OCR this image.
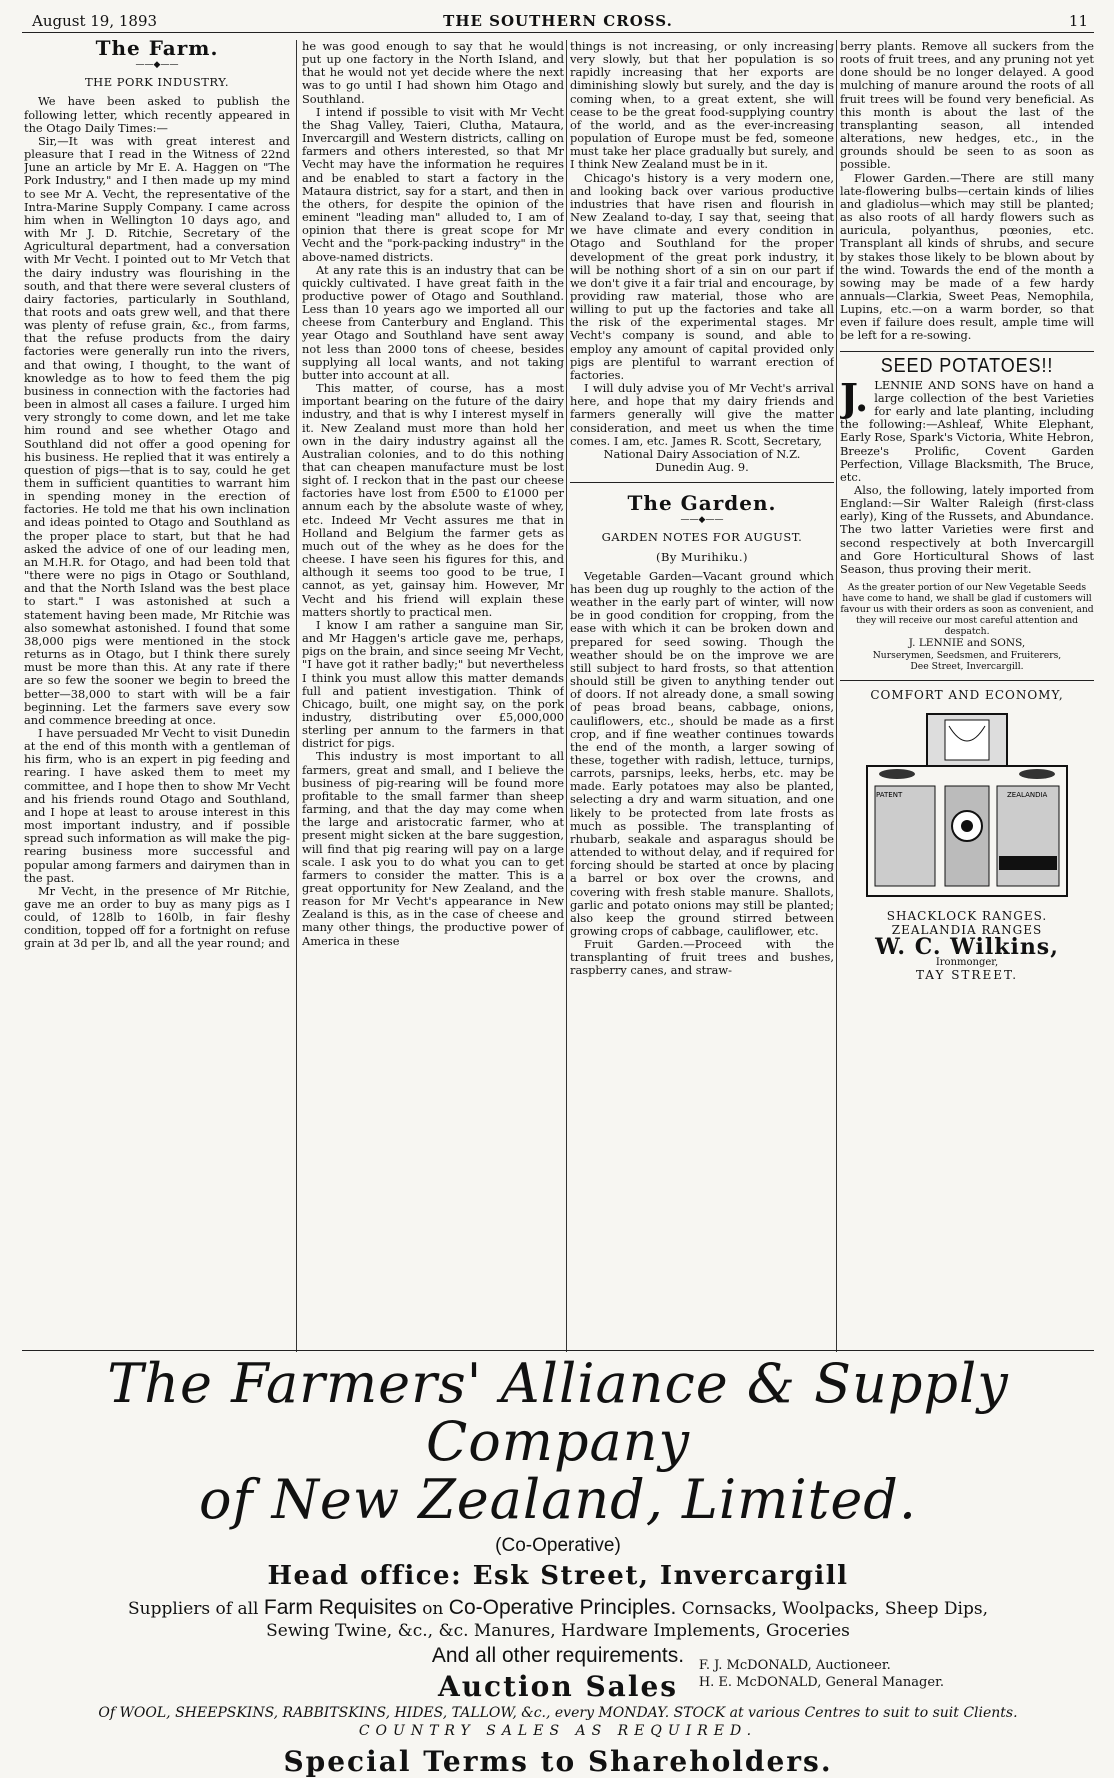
August 19, 1893	THE SOUTHERN CROSS.	11
The Farm.
——◆——
THE PORK INDUSTRY.

We have been asked to publish the following letter, which recently appeared in the Otago Daily Times:—

Sir,—It was with great interest and pleasure that I read in the Witness of 22nd June an article by Mr E. A. Haggen on "The Pork Industry," and I then made up my mind to see Mr A. Vecht, the representative of the Intra-Marine Supply Company. I came across him when in Wellington 10 days ago, and with Mr J. D. Ritchie, Secretary of the Agricultural department, had a conversation with Mr Vecht. I pointed out to Mr Vetch that the dairy industry was flourishing in the south, and that there were several clusters of dairy factories, particularly in Southland, that roots and oats grew well, and that there was plenty of refuse grain, &c., from farms, that the refuse products from the dairy factories were generally run into the rivers, and that owing, I thought, to the want of knowledge as to how to feed them the pig business in connection with the factories had been in almost all cases a failure. I urged him very strongly to come down, and let me take him round and see whether Otago and Southland did not offer a good opening for his business. He replied that it was entirely a question of pigs—that is to say, could he get them in sufficient quantities to warrant him in spending money in the erection of factories. He told me that his own inclination and ideas pointed to Otago and Southland as the proper place to start, but that he had asked the advice of one of our leading men, an M.H.R. for Otago, and had been told that "there were no pigs in Otago or Southland, and that the North Island was the best place to start." I was astonished at such a statement having been made, Mr Ritchie was also somewhat astonished. I found that some 38,000 pigs were mentioned in the stock returns as in Otago, but I think there surely must be more than this. At any rate if there are so few the sooner we begin to breed the better—38,000 to start with will be a fair beginning. Let the farmers save every sow and commence breeding at once.

I have persuaded Mr Vecht to visit Dunedin at the end of this month with a gentleman of his firm, who is an expert in pig feeding and rearing. I have asked them to meet my committee, and I hope then to show Mr Vecht and his friends round Otago and Southland, and I hope at least to arouse interest in this most important industry, and if possible spread such information as will make the pig-rearing business more successful and popular among farmers and dairymen than in the past.

Mr Vecht, in the presence of Mr Ritchie, gave me an order to buy as many pigs as I could, of 128lb to 160lb, in fair fleshy condition, topped off for a fortnight on refuse grain at 3d per lb, and all the year round; and

he was good enough to say that he would put up one factory in the North Island, and that he would not yet decide where the next was to go until I had shown him Otago and Southland.

I intend if possible to visit with Mr Vecht the Shag Valley, Taieri, Clutha, Mataura, Invercargill and Western districts, calling on farmers and others interested, so that Mr Vecht may have the information he requires and be enabled to start a factory in the Mataura district, say for a start, and then in the others, for despite the opinion of the eminent "leading man" alluded to, I am of opinion that there is great scope for Mr Vecht and the "pork-packing industry" in the above-named districts.

At any rate this is an industry that can be quickly cultivated. I have great faith in the productive power of Otago and Southland. Less than 10 years ago we imported all our cheese from Canterbury and England. This year Otago and Southland have sent away not less than 2000 tons of cheese, besides supplying all local wants, and not taking butter into account at all.

This matter, of course, has a most important bearing on the future of the dairy industry, and that is why I interest myself in it. New Zealand must more than hold her own in the dairy industry against all the Australian colonies, and to do this nothing that can cheapen manufacture must be lost sight of. I reckon that in the past our cheese factories have lost from £500 to £1000 per annum each by the absolute waste of whey, etc. Indeed Mr Vecht assures me that in Holland and Belgium the farmer gets as much out of the whey as he does for the cheese. I have seen his figures for this, and although it seems too good to be true, I cannot, as yet, gainsay him. However, Mr Vecht and his friend will explain these matters shortly to practical men.

I know I am rather a sanguine man Sir, and Mr Haggen's article gave me, perhaps, pigs on the brain, and since seeing Mr Vecht, "I have got it rather badly;" but nevertheless I think you must allow this matter demands full and patient investigation. Think of Chicago, built, one might say, on the pork industry, distributing over £5,000,000 sterling per annum to the farmers in that district for pigs.

This industry is most important to all farmers, great and small, and I believe the business of pig-rearing will be found more profitable to the small farmer than sheep farming, and that the day may come when the large and aristocratic farmer, who at present might sicken at the bare suggestion, will find that pig rearing will pay on a large scale. I ask you to do what you can to get farmers to consider the matter. This is a great opportunity for New Zealand, and the reason for Mr Vecht's appearance in New Zealand is this, as in the case of cheese and many other things, the productive power of America in these

things is not increasing, or only increasing very slowly, but that her population is so rapidly increasing that her exports are diminishing slowly but surely, and the day is coming when, to a great extent, she will cease to be the great food-supplying country of the world, and as the ever-increasing population of Europe must be fed, someone must take her place gradually but surely, and I think New Zealand must be in it.

Chicago's history is a very modern one, and looking back over various productive industries that have risen and flourish in New Zealand to-day, I say that, seeing that we have climate and every condition in Otago and Southland for the proper development of the great pork industry, it will be nothing short of a sin on our part if we don't give it a fair trial and encourage, by providing raw material, those who are willing to put up the factories and take all the risk of the experimental stages. Mr Vecht's company is sound, and able to employ any amount of capital provided only pigs are plentiful to warrant erection of factories.

I will duly advise you of Mr Vecht's arrival here, and hope that my dairy friends and farmers generally will give the matter consideration, and meet us when the time comes. I am, etc. James R. Scott, Secretary,

National Dairy Association of N.Z.

Dunedin Aug. 9.

The Garden.
——◆——
GARDEN NOTES FOR AUGUST.
(By Murihiku.)

Vegetable Garden—Vacant ground which has been dug up roughly to the action of the weather in the early part of winter, will now be in good condition for cropping, from the ease with which it can be broken down and prepared for seed sowing. Though the weather should be on the improve we are still subject to hard frosts, so that attention should still be given to anything tender out of doors. If not already done, a small sowing of peas broad beans, cabbage, onions, cauliflowers, etc., should be made as a first crop, and if fine weather continues towards the end of the month, a larger sowing of these, together with radish, lettuce, turnips, carrots, parsnips, leeks, herbs, etc. may be made. Early potatoes may also be planted, selecting a dry and warm situation, and one likely to be protected from late frosts as much as possible. The transplanting of rhubarb, seakale and asparagus should be attended to without delay, and if required for forcing should be started at once by placing a barrel or box over the crowns, and covering with fresh stable manure. Shallots, garlic and potato onions may still be planted; also keep the ground stirred between growing crops of cabbage, cauliflower, etc.

Fruit Garden.—Proceed with the transplanting of fruit trees and bushes, raspberry canes, and straw-

berry plants. Remove all suckers from the roots of fruit trees, and any pruning not yet done should be no longer delayed. A good mulching of manure around the roots of all fruit trees will be found very beneficial. As this month is about the last of the transplanting season, all intended alterations, new hedges, etc., in the grounds should be seen to as soon as possible.

Flower Garden.—There are still many late-flowering bulbs—certain kinds of lilies and gladiolus—which may still be planted; as also roots of all hardy flowers such as auricula, polyanthus, pœonies, etc. Transplant all kinds of shrubs, and secure by stakes those likely to be blown about by the wind. Towards the end of the month a sowing may be made of a few hardy annuals—Clarkia, Sweet Peas, Nemophila, Lupins, etc.—on a warm border, so that even if failure does result, ample time will be left for a re-sowing.

SEED POTATOES!!
J. LENNIE AND SONS have on hand a large collection of the best Varieties for early and late planting, including the following:—Ashleaf, White Elephant, Early Rose, Spark's Victoria, White Hebron, Breeze's Prolific, Covent Garden Perfection, Village Blacksmith, The Bruce, etc.

Also, the following, lately imported from England:—Sir Walter Raleigh (first-class early), King of the Russets, and Abundance. The two latter Varieties were first and second respectively at both Invercargill and Gore Horticultural Shows of last Season, thus proving their merit.

As the greater portion of our New Vegetable Seeds have come to hand, we shall be glad if customers will favour us with their orders as soon as convenient, and they will receive our most careful attention and despatch.

J. LENNIE and SONS,

Nurserymen, Seedsmen, and Fruiterers,

Dee Street, Invercargill.

COMFORT AND ECONOMY,
PATENT	ZEALANDIA

SHACKLOCK RANGES.

ZEALANDIA RANGES

W. C. Wilkins,

Ironmonger,

TAY STREET.

The Farmers' Alliance & Supply Company
of New Zealand, Limited.
(Co-Operative)
Head office: Esk Street, Invercargill
Suppliers of all Farm Requisites on Co-Operative Principles. Cornsacks, Woolpacks, Sheep Dips,
Sewing Twine, &c., &c. Manures, Hardware Implements, Groceries
And all other requirements.
Auction Sales
Of WOOL, SHEEPSKINS, RABBITSKINS, HIDES, TALLOW, &c., every MONDAY. STOCK at various Centres to suit to suit Clients.
COUNTRY SALES AS REQUIRED.
Special Terms to Shareholders.
F. J. McDONALD, Auctioneer.
H. E. McDONALD, General Manager.
